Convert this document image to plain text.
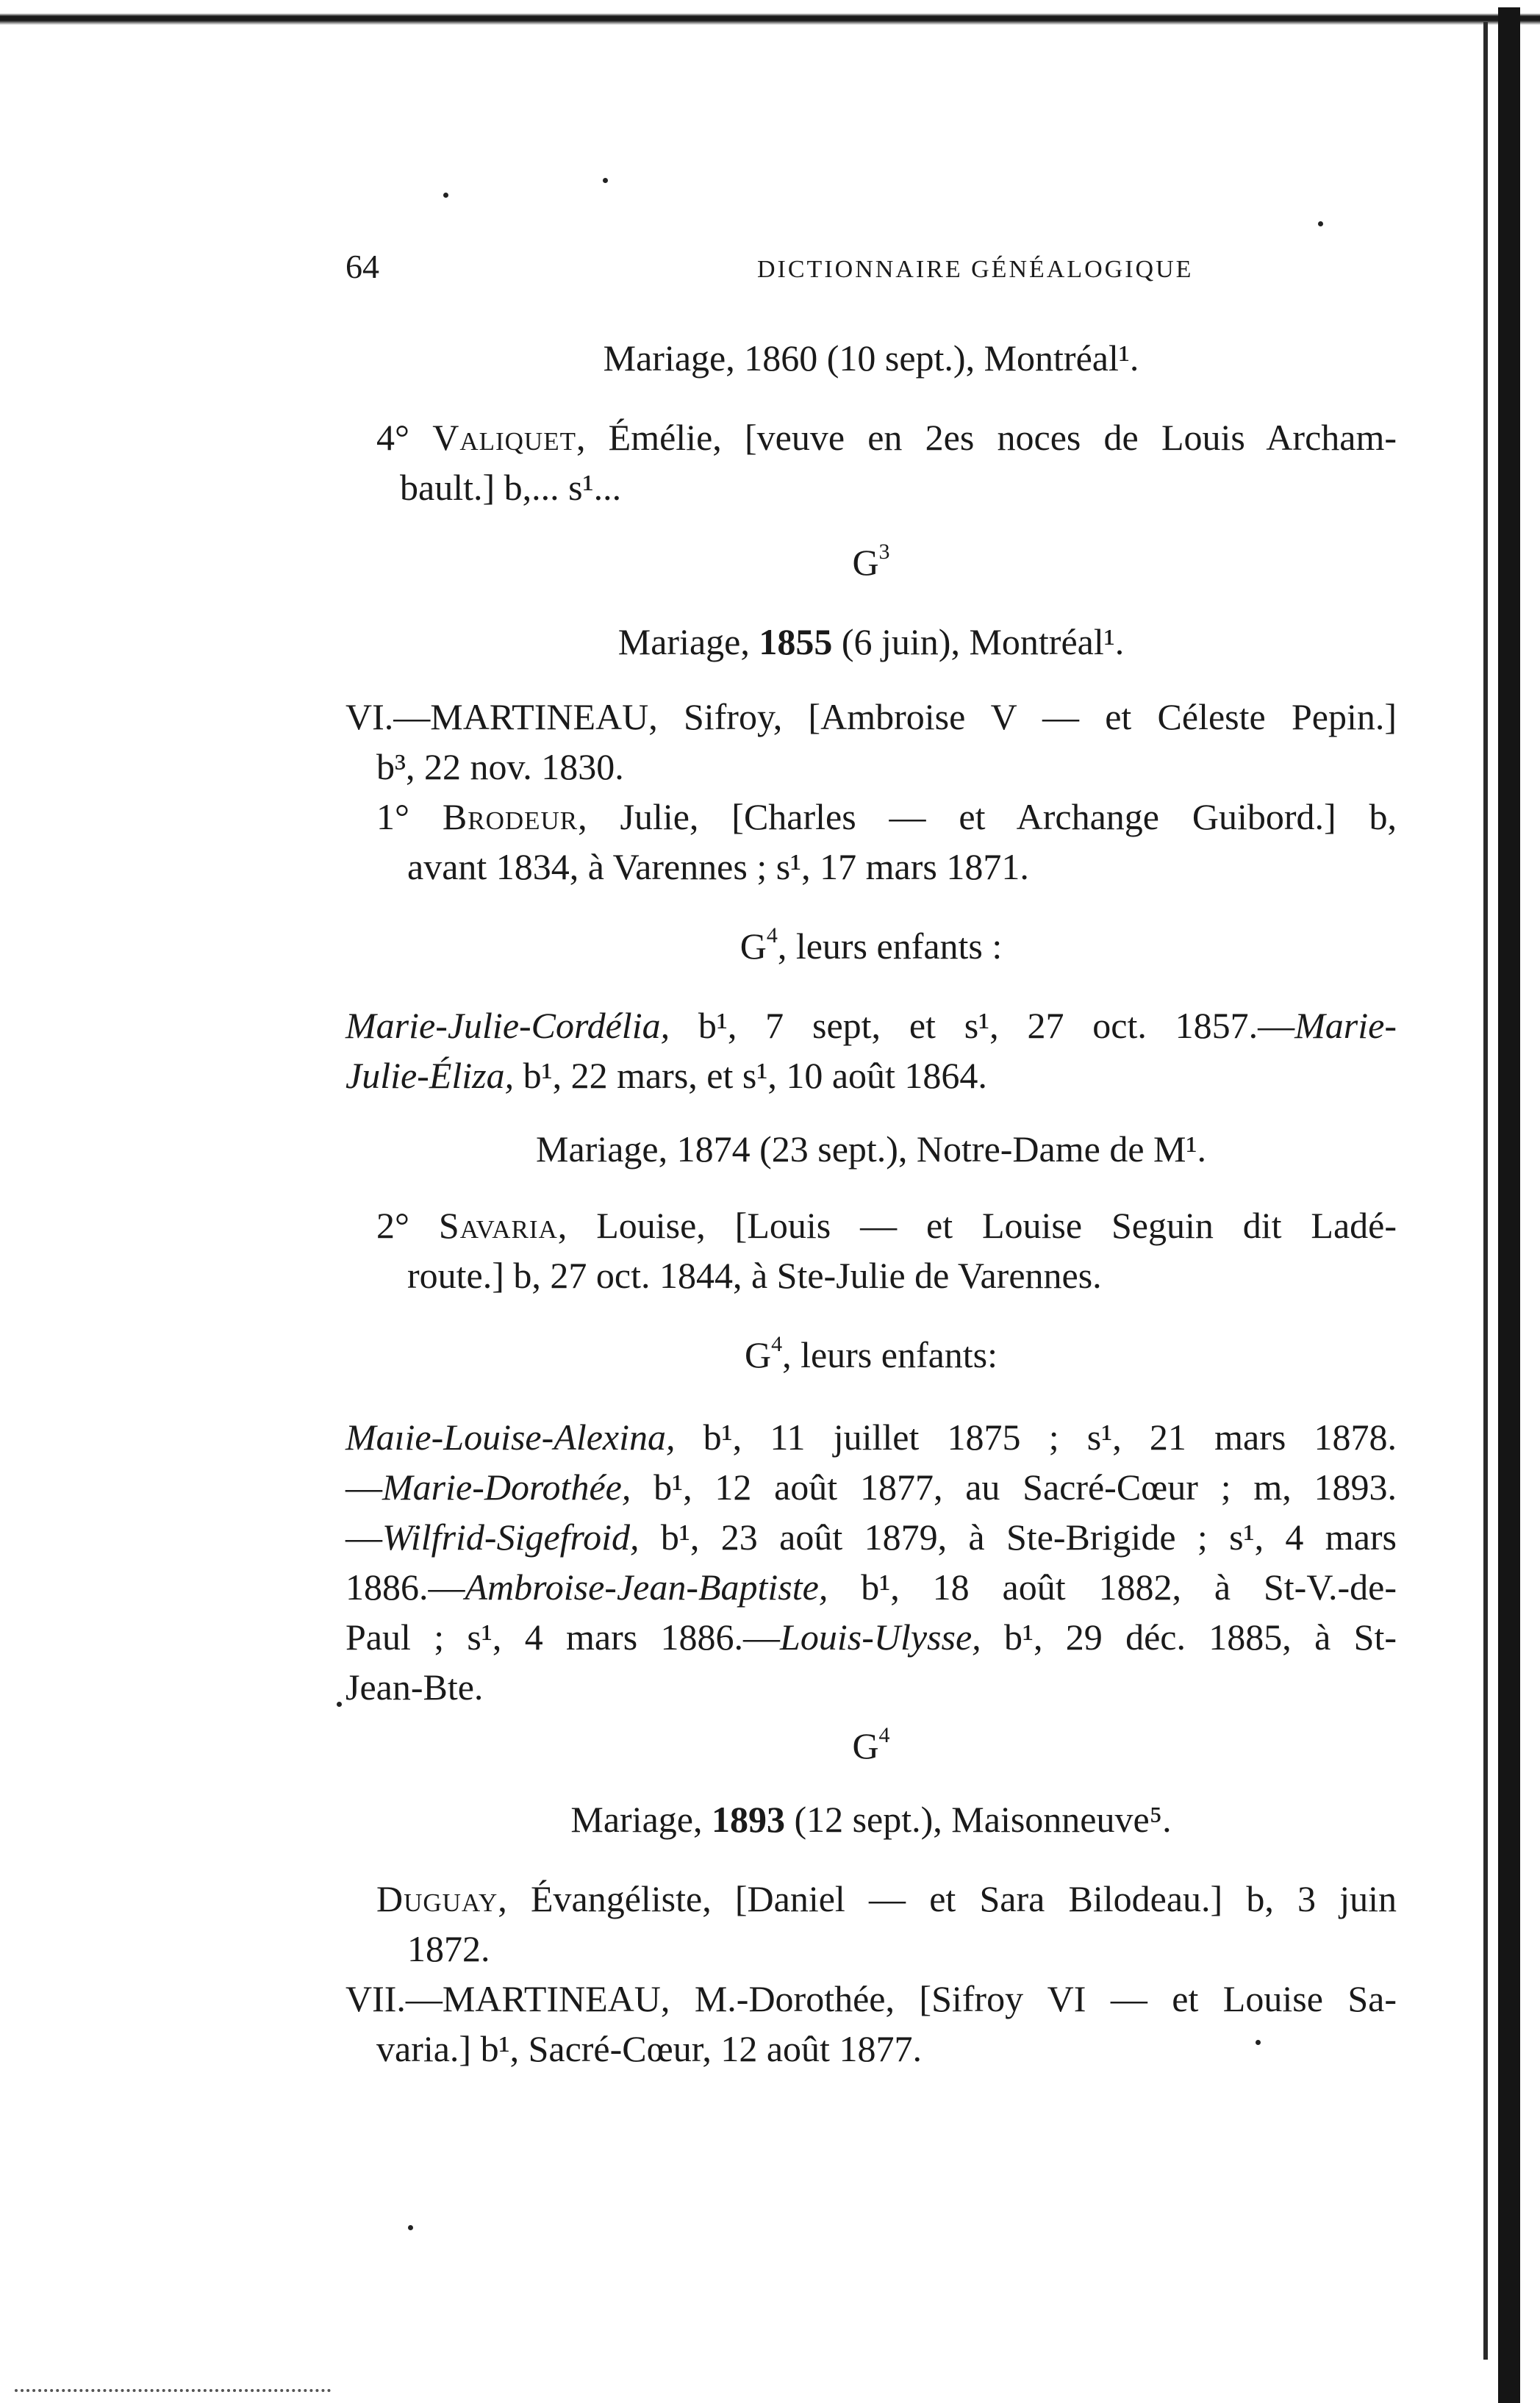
64	DICTIONNAIRE GÉNÉALOGIQUE
Mariage, 1860 (10 sept.), Montréal¹.
4° Valiquet, Émélie, [veuve en 2es noces de Louis Archam-
bault.] b,... s¹...
$G^3$
Mariage, 1855 (6 juin), Montréal¹.
VI.—MARTINEAU, Sifroy, [Ambroise V — et Céleste Pepin.]
b³, 22 nov. 1830.
1° Brodeur, Julie, [Charles — et Archange Guibord.] b,
avant 1834, à Varennes ; s¹, 17 mars 1871.
$G^4$, leurs enfants :
Marie-Julie-Cordélia, b¹, 7 sept, et s¹, 27 oct. 1857.—Marie-
Julie-Éliza, b¹, 22 mars, et s¹, 10 août 1864.
Mariage, 1874 (23 sept.), Notre-Dame de M¹.
2° Savaria, Louise, [Louis — et Louise Seguin dit Ladé-
route.] b, 27 oct. 1844, à Ste-Julie de Varennes.
$G^4$, leurs enfants:
Maıie-Louise-Alexina, b¹, 11 juillet 1875 ; s¹, 21 mars 1878.
—Marie-Dorothée, b¹, 12 août 1877, au Sacré-Cœur ; m, 1893.
—Wilfrid-Sigefroid, b¹, 23 août 1879, à Ste-Brigide ; s¹, 4 mars
1886.—Ambroise-Jean-Baptiste, b¹, 18 août 1882, à St-V.-de-
Paul ; s¹, 4 mars 1886.—Louis-Ulysse, b¹, 29 déc. 1885, à St-
Jean-Bte.
$G^4$
Mariage, 1893 (12 sept.), Maisonneuve⁵.
Duguay, Évangéliste, [Daniel — et Sara Bilodeau.] b, 3 juin
1872.
VII.—MARTINEAU, M.-Dorothée, [Sifroy VI — et Louise Sa-
varia.] b¹, Sacré-Cœur, 12 août 1877.
